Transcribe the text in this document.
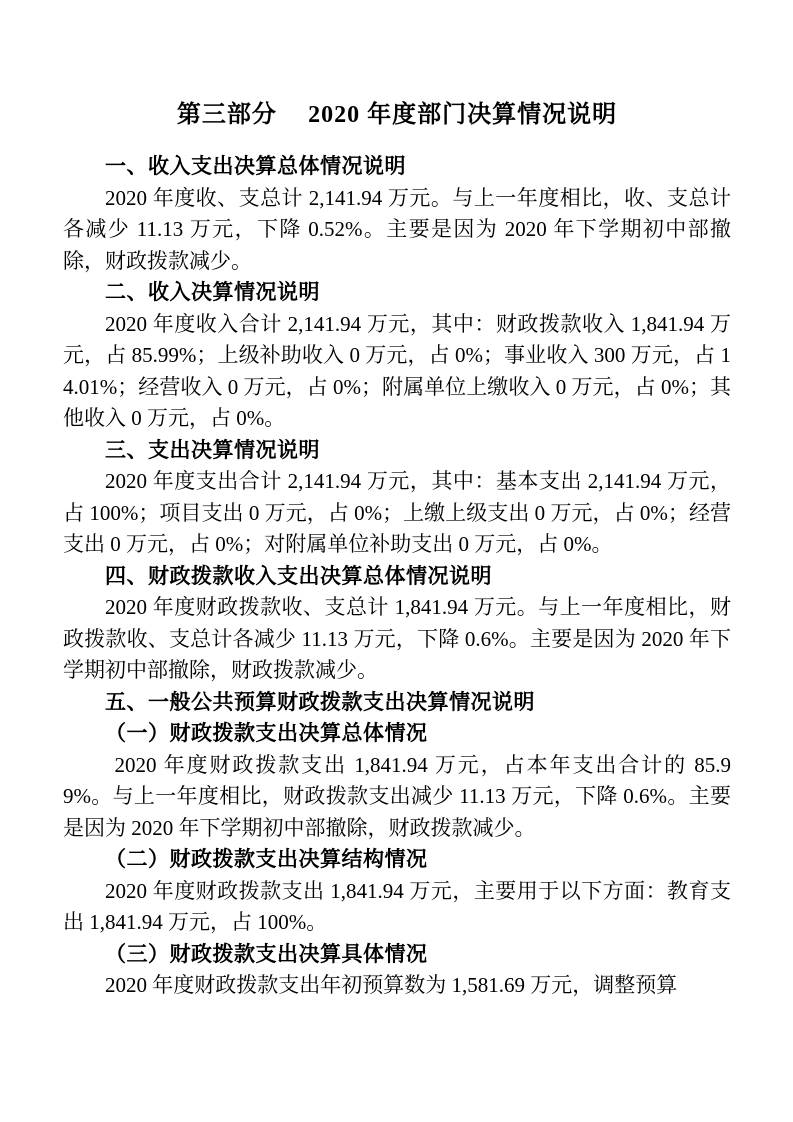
第三部分 2020 年度部门决算情况说明
一、收入支出决算总体情况说明

2020 年度收、支总计 2,141.94 万元。与上一年度相比，收、支总计各减少 11.13 万元，下降 0.52%。主要是因为 2020 年下学期初中部撤除，财政拨款减少。

二、收入决算情况说明

2020 年度收入合计 2,141.94 万元，其中：财政拨款收入 1,841.94 万元，占 85.99%；上级补助收入 0 万元，占 0%；事业收入 300 万元，占 14.01%；经营收入 0 万元，占 0%；附属单位上缴收入 0 万元，占 0%；其他收入 0 万元，占 0%。

三、支出决算情况说明

2020 年度支出合计 2,141.94 万元，其中：基本支出 2,141.94 万元，占 100%；项目支出 0 万元，占 0%；上缴上级支出 0 万元，占 0%；经营支出 0 万元，占 0%；对附属单位补助支出 0 万元，占 0%。

四、财政拨款收入支出决算总体情况说明

2020 年度财政拨款收、支总计 1,841.94 万元。与上一年度相比，财政拨款收、支总计各减少 11.13 万元，下降 0.6%。主要是因为 2020 年下学期初中部撤除，财政拨款减少。

五、一般公共预算财政拨款支出决算情况说明
（一）财政拨款支出决算总体情况

2020 年度财政拨款支出 1,841.94 万元，占本年支出合计的 85.99%。与上一年度相比，财政拨款支出减少 11.13 万元，下降 0.6%。主要是因为 2020 年下学期初中部撤除，财政拨款减少。

（二）财政拨款支出决算结构情况

2020 年度财政拨款支出 1,841.94 万元，主要用于以下方面：教育支出 1,841.94 万元，占 100%。

（三）财政拨款支出决算具体情况

2020 年度财政拨款支出年初预算数为 1,581.69 万元，调整预算
